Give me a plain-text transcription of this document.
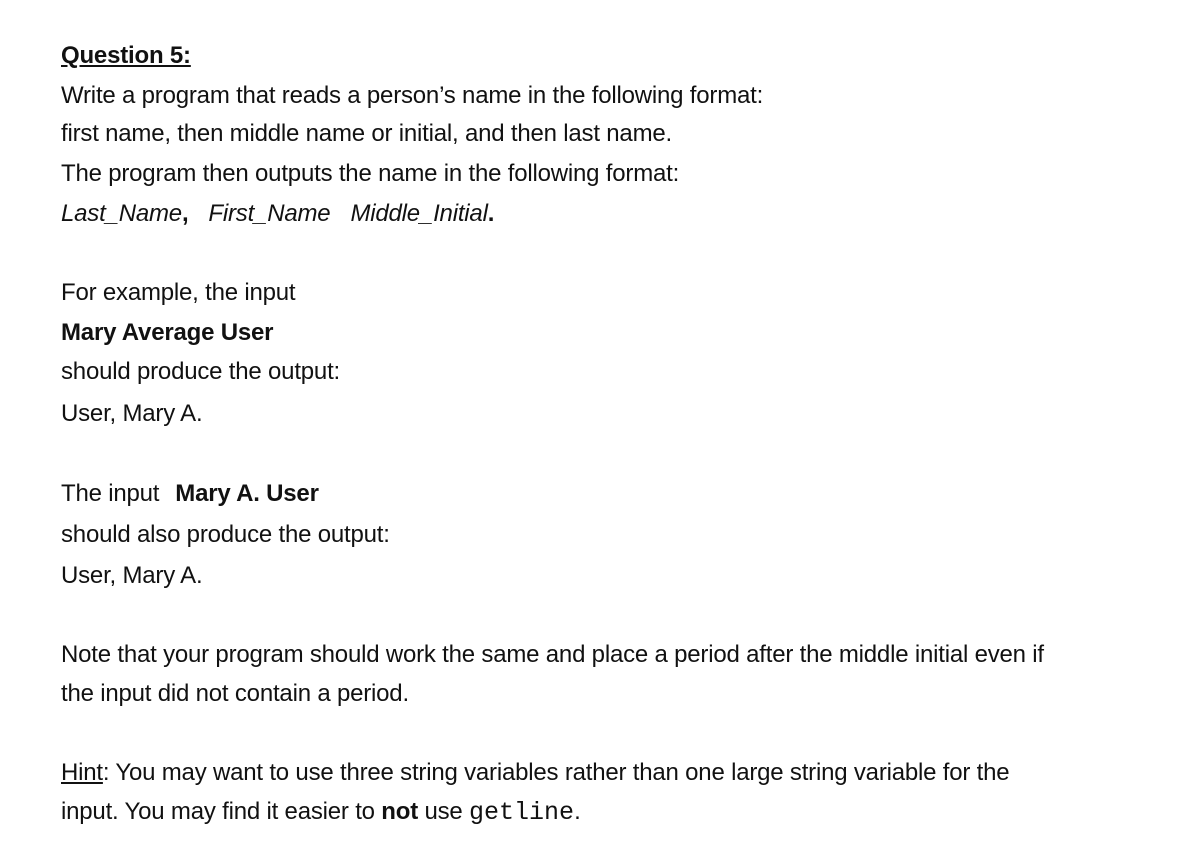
Question 5:
Write a program that reads a person’s name in the following format:
first name, then middle name or initial, and then last name.
The program then outputs the name in the following format:
Last_Name, First_Name Middle_Initial.
For example, the input
Mary Average User
should produce the output:
User, Mary A.
The input Mary A. User
should also produce the output:
User, Mary A.
Note that your program should work the same and place a period after the middle initial even if
the input did not contain a period.
Hint: You may want to use three string variables rather than one large string variable for the
input. You may find it easier to not use getline.
